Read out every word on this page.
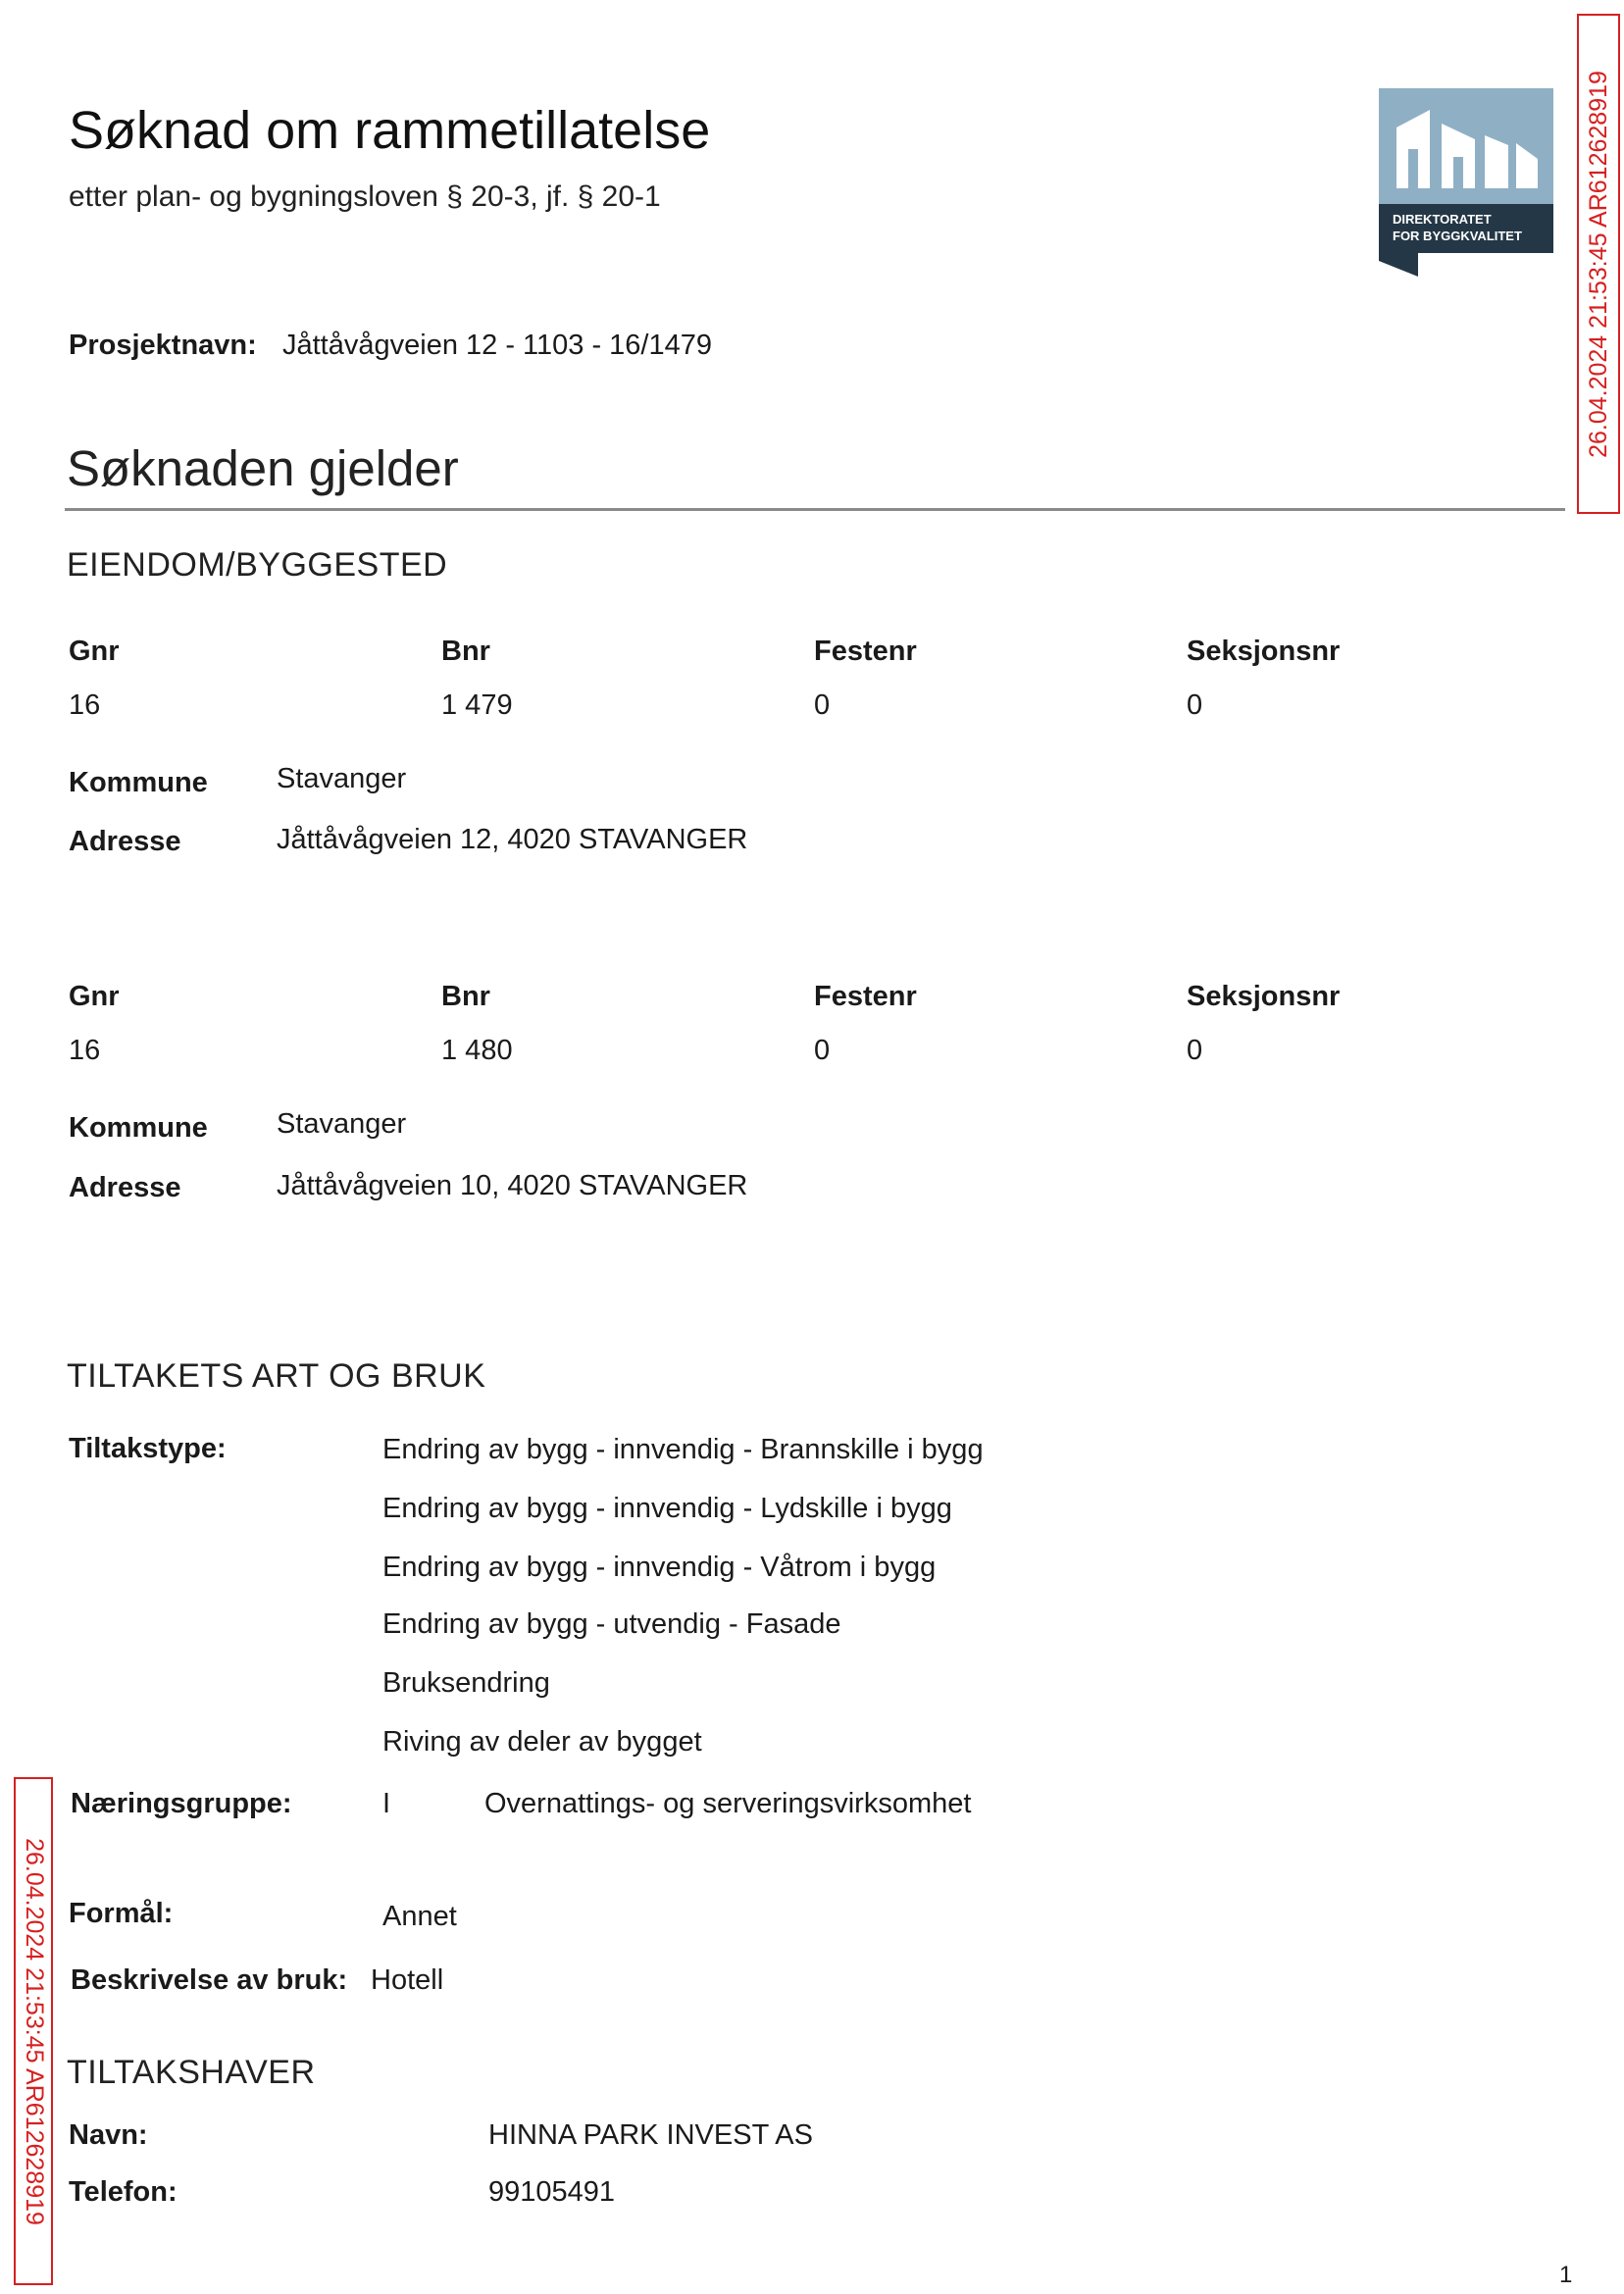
Søknad om rammetillatelse
etter plan- og bygningsloven § 20-3, jf. § 20-1
DIREKTORATET
FOR BYGGKVALITET	26.04.2024 21:53:45 AR612628919
Prosjektnavn: Jåttåvågveien 12 - 1103 - 16/1479
Søknaden gjelder
EIENDOM/BYGGESTED
Gnr	Bnr	Festenr	Seksjonsnr
16	1 479	0	0
Kommune Stavanger
Adresse	Jåttåvågveien 12, 4020 STAVANGER
Gnr	Bnr	Festenr	Seksjonsnr
16	1 480	0	0
Kommune Stavanger
Adresse	Jåttåvågveien 10, 4020 STAVANGER
TILTAKETS ART OG BRUK
Tiltakstype:	Endring av bygg - innvendig - Brannskille i bygg
Endring av bygg - innvendig - Lydskille i bygg
Endring av bygg - innvendig - Våtrom i bygg
Endring av bygg - utvendig - Fasade
Bruksendring
Riving av deler av bygget
Næringsgruppe:	I	Overnattings- og serveringsvirksomhet
Formål:	Annet
Beskrivelse av bruk: Hotell
TILTAKSHAVER
Navn:	HINNA PARK INVEST AS
Telefon:	99105491
26.04.2024 21:53:45 AR612628919
1
